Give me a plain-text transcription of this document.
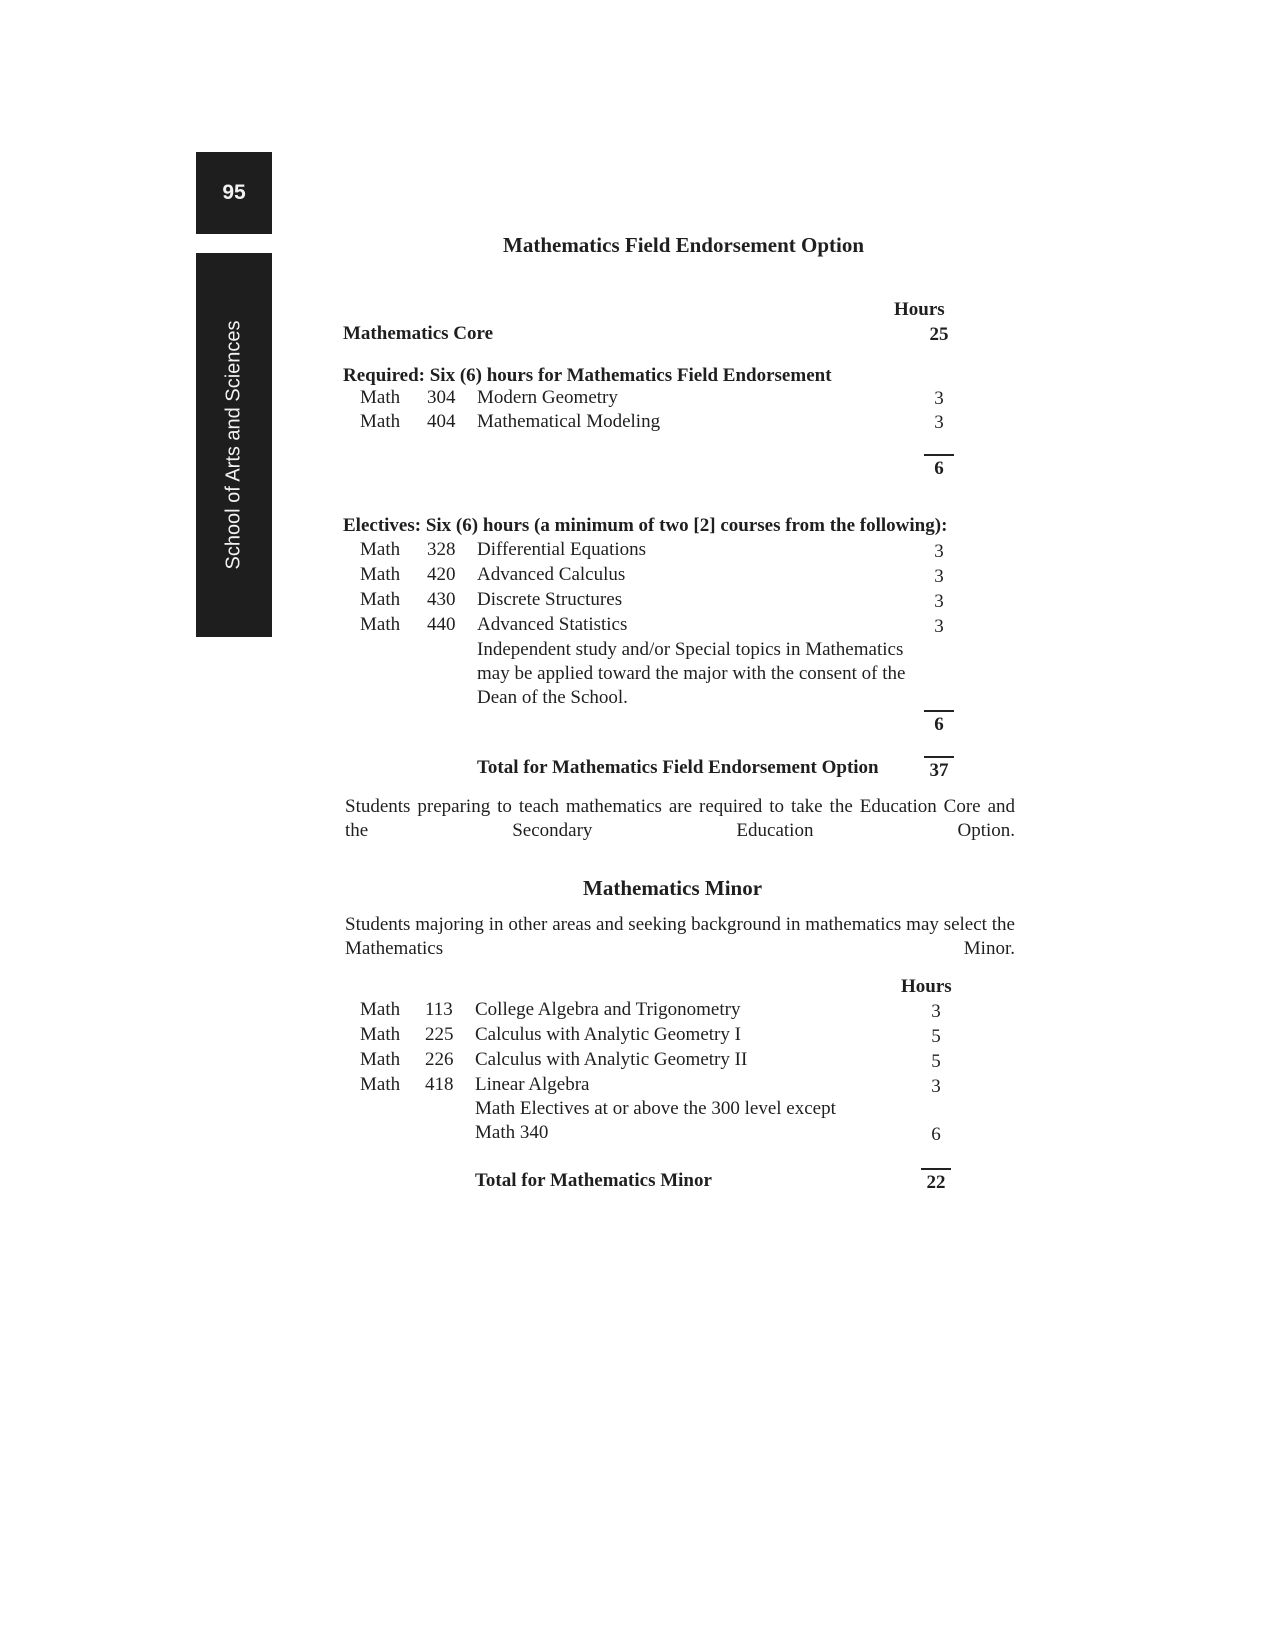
95
School of Arts and Sciences
Mathematics Field Endorsement Option
Hours
Mathematics Core	25
Required: Six (6) hours for Mathematics Field Endorsement
Math 304 Modern Geometry	3
Math 404 Mathematical Modeling	3
6
Electives: Six (6) hours (a minimum of two [2] courses from the following):
Math 328 Differential Equations	3
Math 420 Advanced Calculus	3
Math 430 Discrete Structures	3
Math 440 Advanced Statistics	3
Independent study and/or Special topics in Mathematics
may be applied toward the major with the consent of the
Dean of the School.
6
Total for Mathematics Field Endorsement Option	37
Students preparing to teach mathematics are required to take the Education Core and the Secondary Education Option.
Mathematics Minor
Students majoring in other areas and seeking background in mathematics may select the Mathematics Minor.
Hours
Math 113 College Algebra and Trigonometry	3
Math 225 Calculus with Analytic Geometry I	5
Math 226 Calculus with Analytic Geometry II	5
Math 418 Linear Algebra	3
Math Electives at or above the 300 level except
Math 340	6
Total for Mathematics Minor	22
